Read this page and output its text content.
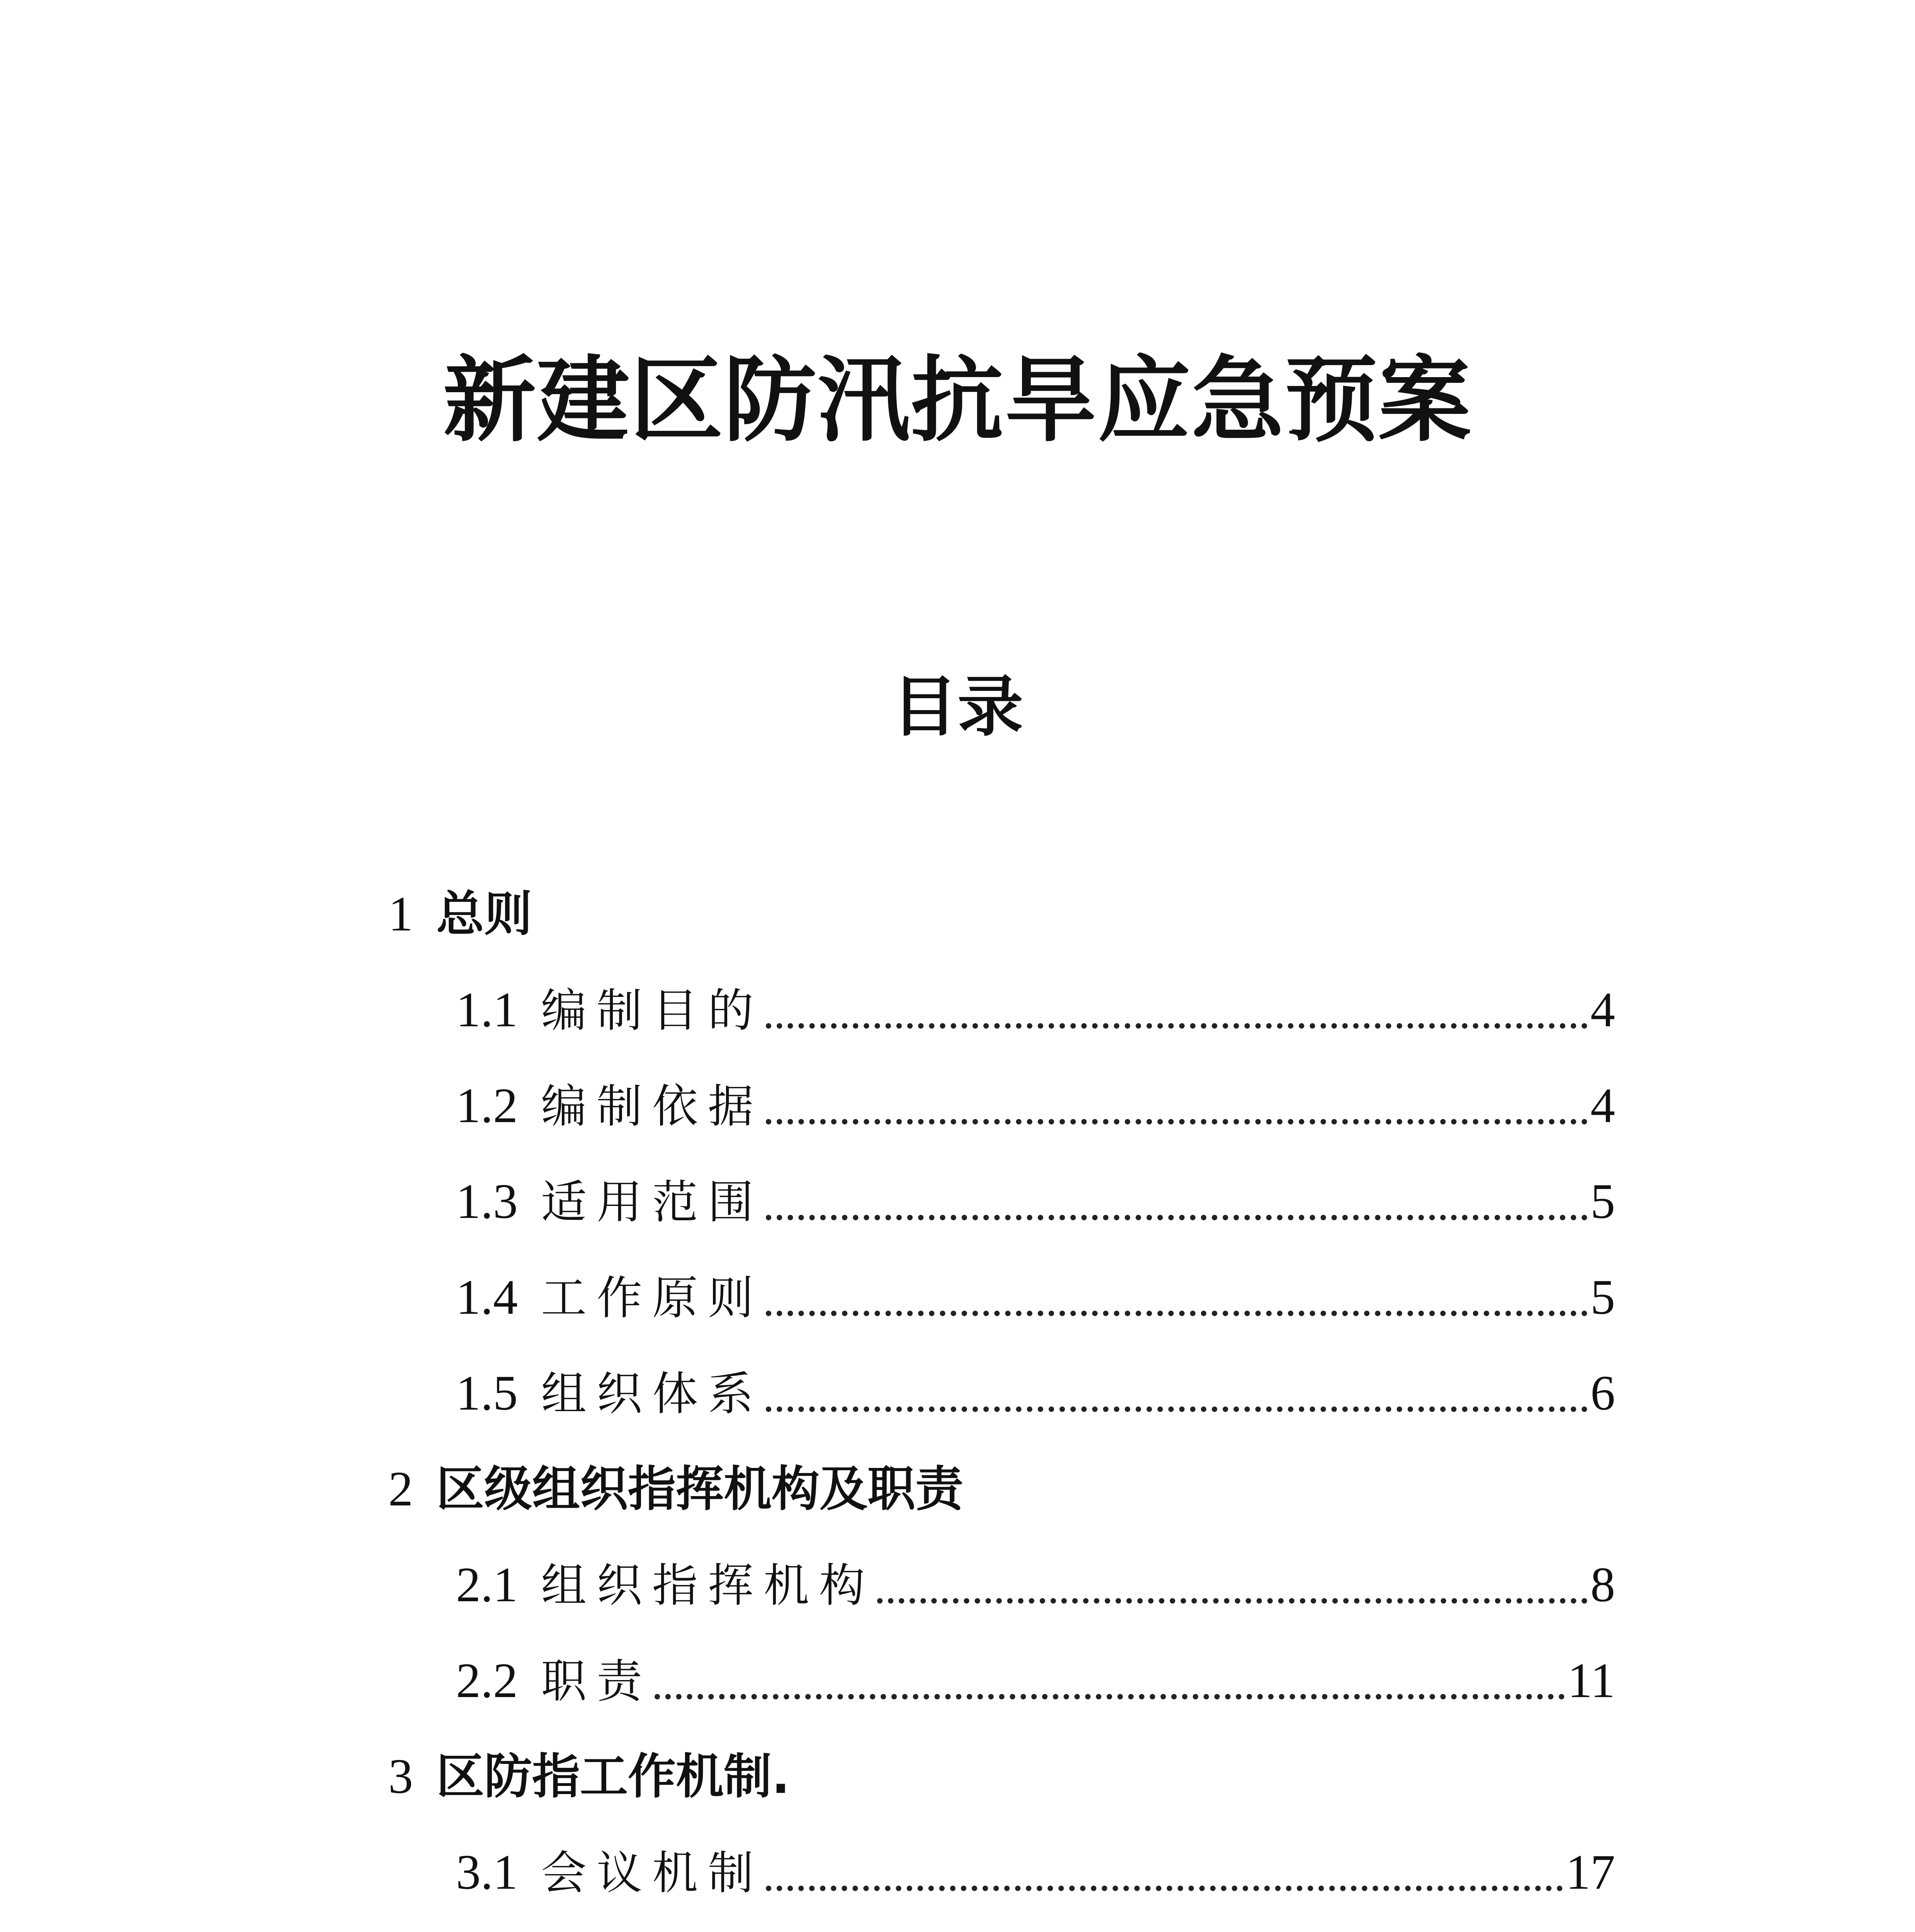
新建区防汛抗旱应急预案
目录
1 总则
1.1 编制目的	4
1.2 编制依据	4
1.3 适用范围	5
1.4 工作原则	5
1.5 组织体系	6
2 区级组织指挥机构及职责
2.1 组织指挥机构	8
2.2 职责	11
3 区防指工作机制.
3.1 会议机制	17
